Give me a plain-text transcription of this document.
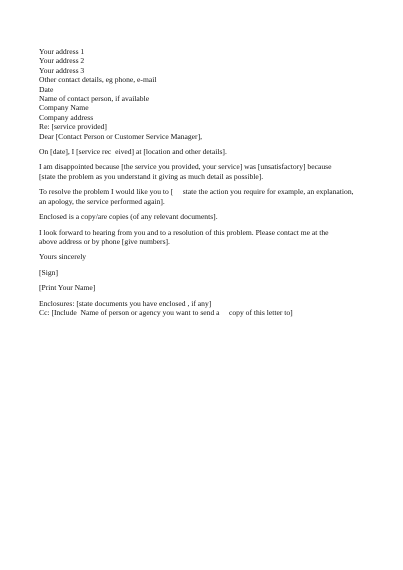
Your address 1
Your address 2
Your address 3
Other contact details, eg phone, e-mail
Date
Name of contact person, if available
Company Name
Company address
Re: [service provided]
Dear [Contact Person or Customer Service Manager],
On [date], I [service rec  eived] at [location and other details].
I am disappointed because [the service you provided, your service] was [unsatisfactory] because
[state the problem as you understand it giving as much detail as possible].
To resolve the problem I would like you to [     state the action you require for example, an explanation,
an apology, the service performed again].
Enclosed is a copy/are copies (of any relevant documents].
I look forward to hearing from you and to a resolution of this problem. Please contact me at the
above address or by phone [give numbers].
Yours sincerely
[Sign]
[Print Your Name]
Enclosures: [state documents you have enclosed , if any]
Cc: [Include  Name of person or agency you want to send a     copy of this letter to]
